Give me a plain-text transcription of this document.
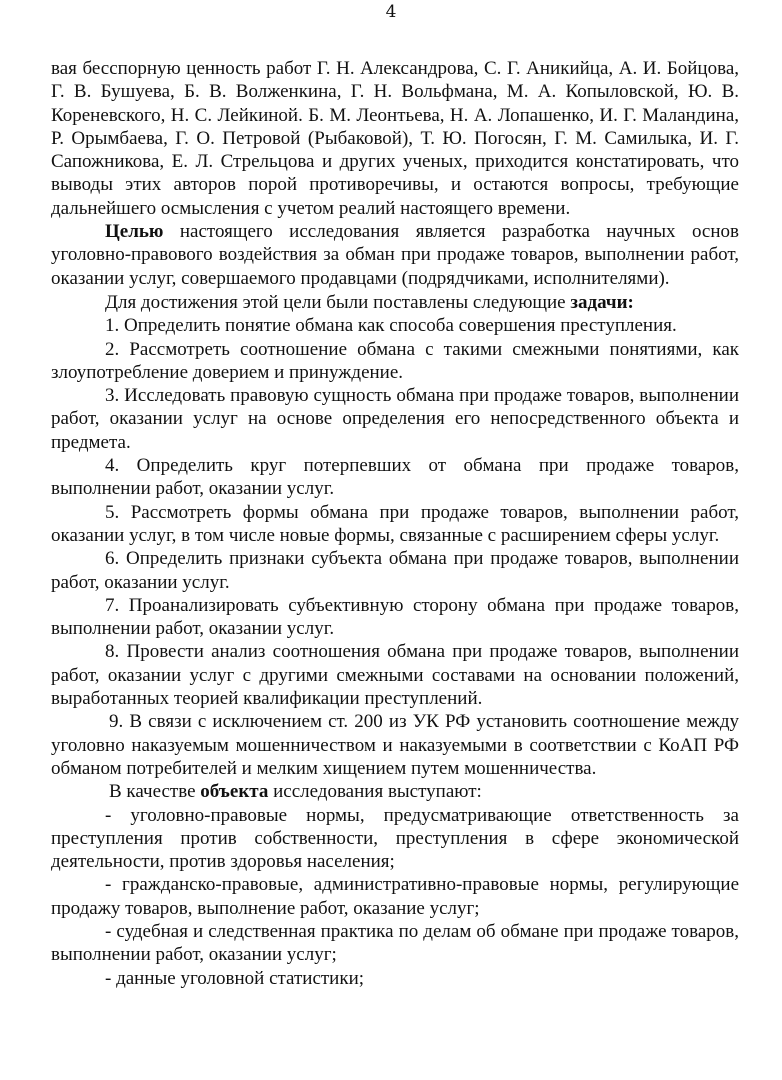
4

вая бесспорную ценность работ Г. Н. Александрова, С. Г. Аникийца, А. И. Бойцова, Г. В. Бушуева, Б. В. Волженкина, Г. Н. Вольфмана, М. А. Копыловской, Ю. В. Кореневского, Н. С. Лейкиной. Б. М. Леонтьева, Н. А. Лопашенко, И. Г. Маландина, Р. Орымбаева, Г. О. Петровой (Рыбаковой), Т. Ю. Погосян, Г. М. Самилыка, И. Г. Сапожникова, Е. Л. Стрельцова и других ученых, приходится констатировать, что выводы этих авторов порой противоречивы, и остаются вопросы, требующие дальнейшего осмысления с учетом реалий настоящего времени.

Целью настоящего исследования является разработка научных основ уголовно-правового воздействия за обман при продаже товаров, выполнении работ, оказании услуг, совершаемого продавцами (подрядчиками, исполнителями).

Для достижения этой цели были поставлены следующие задачи:

1. Определить понятие обмана как способа совершения преступления.

2. Рассмотреть соотношение обмана с такими смежными понятиями, как злоупотребление доверием и принуждение.

3. Исследовать правовую сущность обмана при продаже товаров, выполнении работ, оказании услуг на основе определения его непосредственного объекта и предмета.

4. Определить круг потерпевших от обмана при продаже товаров, выполнении работ, оказании услуг.

5. Рассмотреть формы обмана при продаже товаров, выполнении работ, оказании услуг, в том числе новые формы, связанные с расширением сферы услуг.

6. Определить признаки субъекта обмана при продаже товаров, выполнении работ, оказании услуг.

7. Проанализировать субъективную сторону обмана при продаже товаров, выполнении работ, оказании услуг.

8. Провести анализ соотношения обмана при продаже товаров, выполнении работ, оказании услуг с другими смежными составами на основании положений, выработанных теорией квалификации преступлений.

9. В связи с исключением ст. 200 из УК РФ установить соотношение между уголовно наказуемым мошенничеством и наказуемыми в соответствии с КоАП РФ обманом потребителей и мелким хищением путем мошенничества.

В качестве объекта исследования выступают:

- уголовно-правовые нормы, предусматривающие ответственность за преступления против собственности, преступления в сфере экономической деятельности, против здоровья населения;

- гражданско-правовые, административно-правовые нормы, регулирующие продажу товаров, выполнение работ, оказание услуг;

- судебная и следственная практика по делам об обмане при продаже товаров, выполнении работ, оказании услуг;

- данные уголовной статистики;
